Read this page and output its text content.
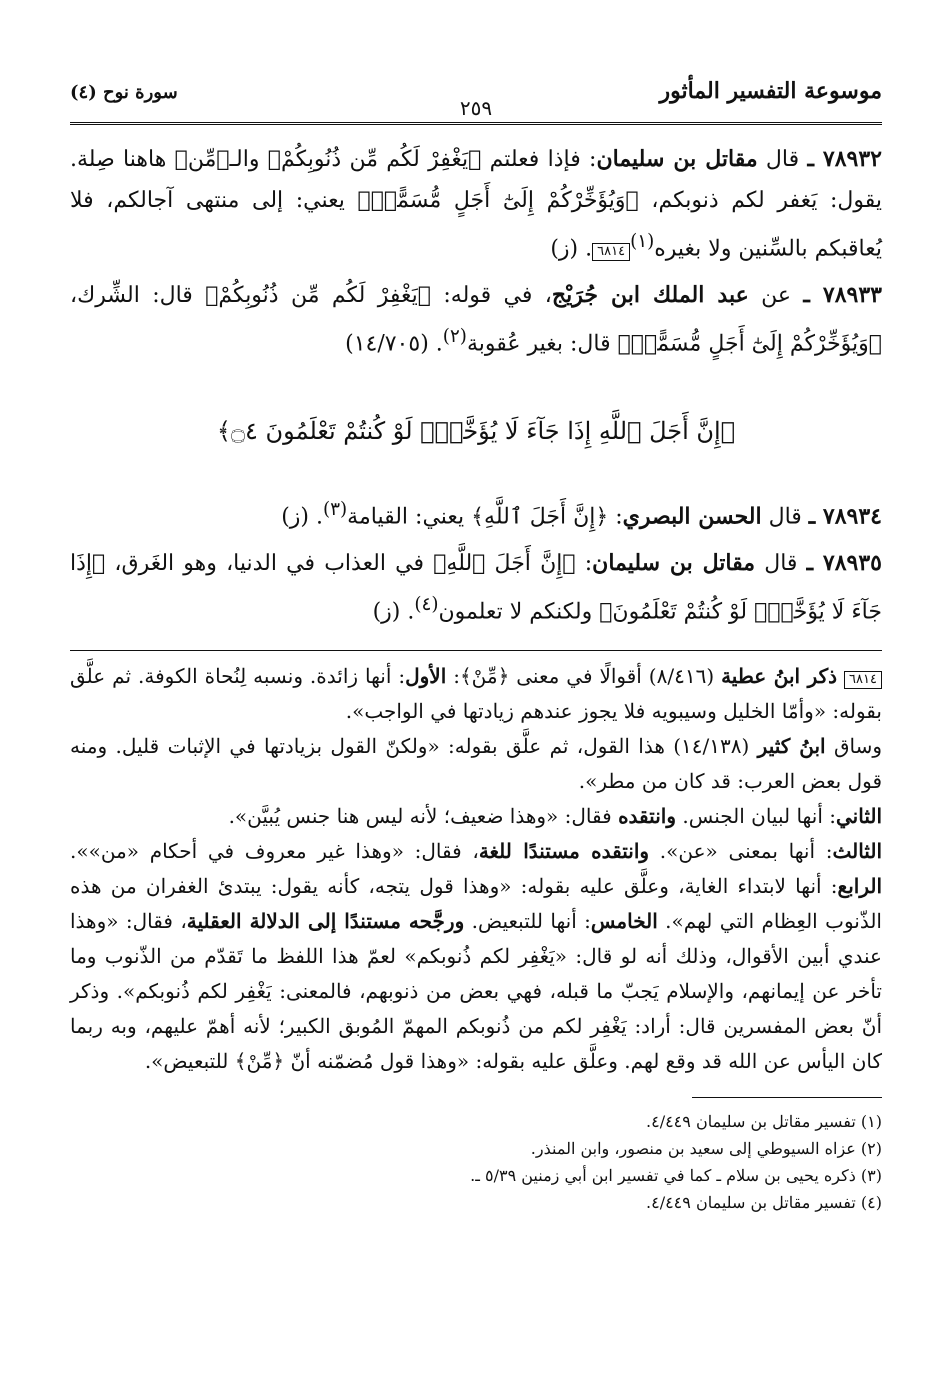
موسوعة التفسير المأثور
٢٥٩
سورة نوح (٤)

٧٨٩٣٢ ـ قال مقاتل بن سليمان: فإذا فعلتم ﴿يَغْفِرْ لَكُم مِّن ذُنُوبِكُمْ﴾ والـ﴿مِّن﴾ هاهنا صِلة. يقول: يَغفر لكم ذنوبكم، ﴿وَيُؤَخِّرْكُمْ إِلَىٰٓ أَجَلٍ مُّسَمًّىۚ﴾ يعني: إلى منتهى آجالكم، فلا يُعاقبكم بالسِّنين ولا بغيره$^{(١)}$٦٨١٤. (ز)

٧٨٩٣٣ ـ عن عبد الملك ابن جُرَيْج، في قوله: ﴿يَغْفِرْ لَكُم مِّن ذُنُوبِكُمْ﴾ قال: الشِّرك، ﴿وَيُؤَخِّرْكُمْ إِلَىٰٓ أَجَلٍ مُّسَمًّىۚ﴾ قال: بغير عُقوبة$^{(٢)}$. (١٤/٧٠٥)

﴿إِنَّ أَجَلَ ٱللَّهِ إِذَا جَآءَ لَا يُؤَخَّرُۚ لَوْ كُنتُمْ تَعْلَمُونَ ۝٤﴾

٧٨٩٣٤ ـ قال الحسن البصري: ﴿إِنَّ أَجَلَ ٱللَّهِ﴾ يعني: القيامة$^{(٣)}$. (ز)

٧٨٩٣٥ ـ قال مقاتل بن سليمان: ﴿إِنَّ أَجَلَ ٱللَّهِ﴾ في العذاب في الدنيا، وهو الغَرق، ﴿إِذَا جَآءَ لَا يُؤَخَّرُۚ لَوْ كُنتُمْ تَعْلَمُونَ﴾ ولكنكم لا تعلمون$^{(٤)}$. (ز)

٦٨١٤ ذكر ابنُ عطية (٨/٤١٦) أقوالًا في معنى ﴿مِّنْ﴾: الأول: أنها زائدة. ونسبه لِنُحاة الكوفة. ثم علَّق بقوله: «وأمّا الخليل وسيبويه فلا يجوز عندهم زيادتها في الواجب».

وساق ابنُ كثير (١٤/١٣٨) هذا القول، ثم علَّق بقوله: «ولكنّ القول بزيادتها في الإثبات قليل. ومنه قول بعض العرب: قد كان من مطر».

الثاني: أنها لبيان الجنس. وانتقده فقال: «وهذا ضعيف؛ لأنه ليس هنا جنس يُبيَّن».

الثالث: أنها بمعنى «عن». وانتقده مستندًا للغة، فقال: «وهذا غير معروف في أحكام «من»». الرابع: أنها لابتداء الغاية، وعلَّق عليه بقوله: «وهذا قول يتجه، كأنه يقول: يبتدئ الغفران من هذه الذّنوب العِظام التي لهم». الخامس: أنها للتبعيض. ورجَّحه مستندًا إلى الدلالة العقلية، فقال: «وهذا عندي أبين الأقوال، وذلك أنه لو قال: «يَغْفِر لكم ذُنوبكم» لعمّ هذا اللفظ ما تَقدّم من الذّنوب وما تأخر عن إيمانهم، والإسلام يَجبّ ما قبله، فهي بعض من ذنوبهم، فالمعنى: يَغْفِر لكم ذُنوبكم». وذكر أنّ بعض المفسرين قال: أراد: يَغْفِر لكم من ذُنوبكم المهمّ المُوبق الكبير؛ لأنه أهمّ عليهم، وبه ربما كان اليأس عن الله قد وقع لهم. وعلَّق عليه بقوله: «وهذا قول مُضمّنه أنّ ﴿مِّنْ﴾ للتبعيض».

(١) تفسير مقاتل بن سليمان ٤/٤٤٩.

(٢) عزاه السيوطي إلى سعيد بن منصور، وابن المنذر.

(٣) ذكره يحيى بن سلام ـ كما في تفسير ابن أبي زمنين ٥/٣٩ ـ.

(٤) تفسير مقاتل بن سليمان ٤/٤٤٩.
